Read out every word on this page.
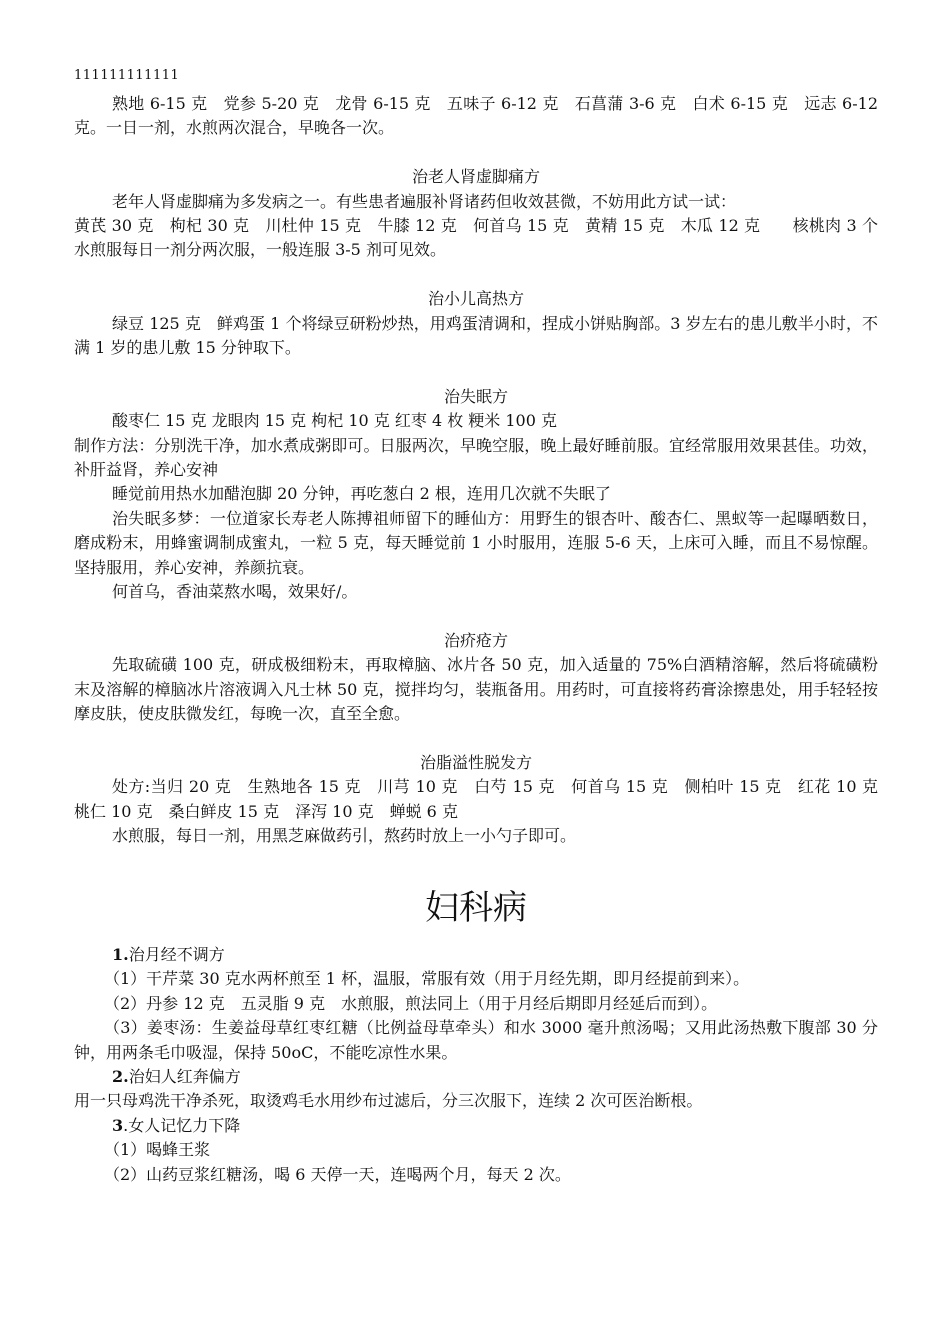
111111111111

熟地 6-15 克　党参 5-20 克　龙骨 6-15 克　五味子 6-12 克　石菖蒲 3-6 克　白术 6-15 克　远志 6-12 克。一日一剂，水煎两次混合，早晚各一次。

治老人肾虚脚痛方

老年人肾虚脚痛为多发病之一。有些患者遍服补肾诸药但收效甚微，不妨用此方试一试：

黄芪 30 克　枸杞 30 克　川杜仲 15 克　牛膝 12 克　何首乌 15 克　黄精 15 克　木瓜 12 克　　核桃肉 3 个　水煎服每日一剂分两次服，一般连服 3-5 剂可见效。

治小儿高热方

绿豆 125 克　鲜鸡蛋 1 个将绿豆研粉炒热，用鸡蛋清调和，捏成小饼贴胸部。3 岁左右的患儿敷半小时，不满 1 岁的患儿敷 15 分钟取下。

治失眠方

酸枣仁 15 克 龙眼肉 15 克 枸杞 10 克 红枣 4 枚 粳米 100 克

制作方法：分别洗干净，加水煮成粥即可。日服两次，早晚空服，晚上最好睡前服。宜经常服用效果甚佳。功效，补肝益肾，养心安神

睡觉前用热水加醋泡脚 20 分钟，再吃葱白 2 根，连用几次就不失眠了

治失眠多梦：一位道家长寿老人陈搏祖师留下的睡仙方：用野生的银杏叶、酸杏仁、黑蚁等一起曝晒数日，磨成粉末，用蜂蜜调制成蜜丸，一粒 5 克，每天睡觉前 1 小时服用，连服 5-6 天，上床可入睡，而且不易惊醒。坚持服用，养心安神，养颜抗衰。

何首乌，香油菜熬水喝，效果好/。

治疥疮方

先取硫磺 100 克，研成极细粉末，再取樟脑、冰片各 50 克，加入适量的 75%白酒精溶解，然后将硫磺粉末及溶解的樟脑冰片溶液调入凡士林 50 克，搅拌均匀，装瓶备用。用药时，可直接将药膏涂擦患处，用手轻轻按摩皮肤，使皮肤微发红，每晚一次，直至全愈。

治脂溢性脱发方

处方:当归 20 克　生熟地各 15 克　川芎 10 克　白芍 15 克　何首乌 15 克　侧柏叶 15 克　红花 10 克　桃仁 10 克　桑白鲜皮 15 克　泽泻 10 克　蝉蜕 6 克

水煎服，每日一剂，用黑芝麻做药引，熬药时放上一小勺子即可。

妇科病

1.治月经不调方

（1）干芹菜 30 克水两杯煎至 1 杯，温服，常服有效（用于月经先期，即月经提前到来）。

（2）丹参 12 克　五灵脂 9 克　水煎服，煎法同上（用于月经后期即月经延后而到）。

（3）姜枣汤：生姜益母草红枣红糖（比例益母草牵头）和水 3000 毫升煎汤喝；又用此汤热敷下腹部 30 分钟，用两条毛巾吸湿，保持 50oC，不能吃凉性水果。

2.治妇人红奔偏方

用一只母鸡洗干净杀死，取烫鸡毛水用纱布过滤后，分三次服下，连续 2 次可医治断根。

3.女人记忆力下降

（1）喝蜂王浆

（2）山药豆浆红糖汤，喝 6 天停一天，连喝两个月，每天 2 次。
